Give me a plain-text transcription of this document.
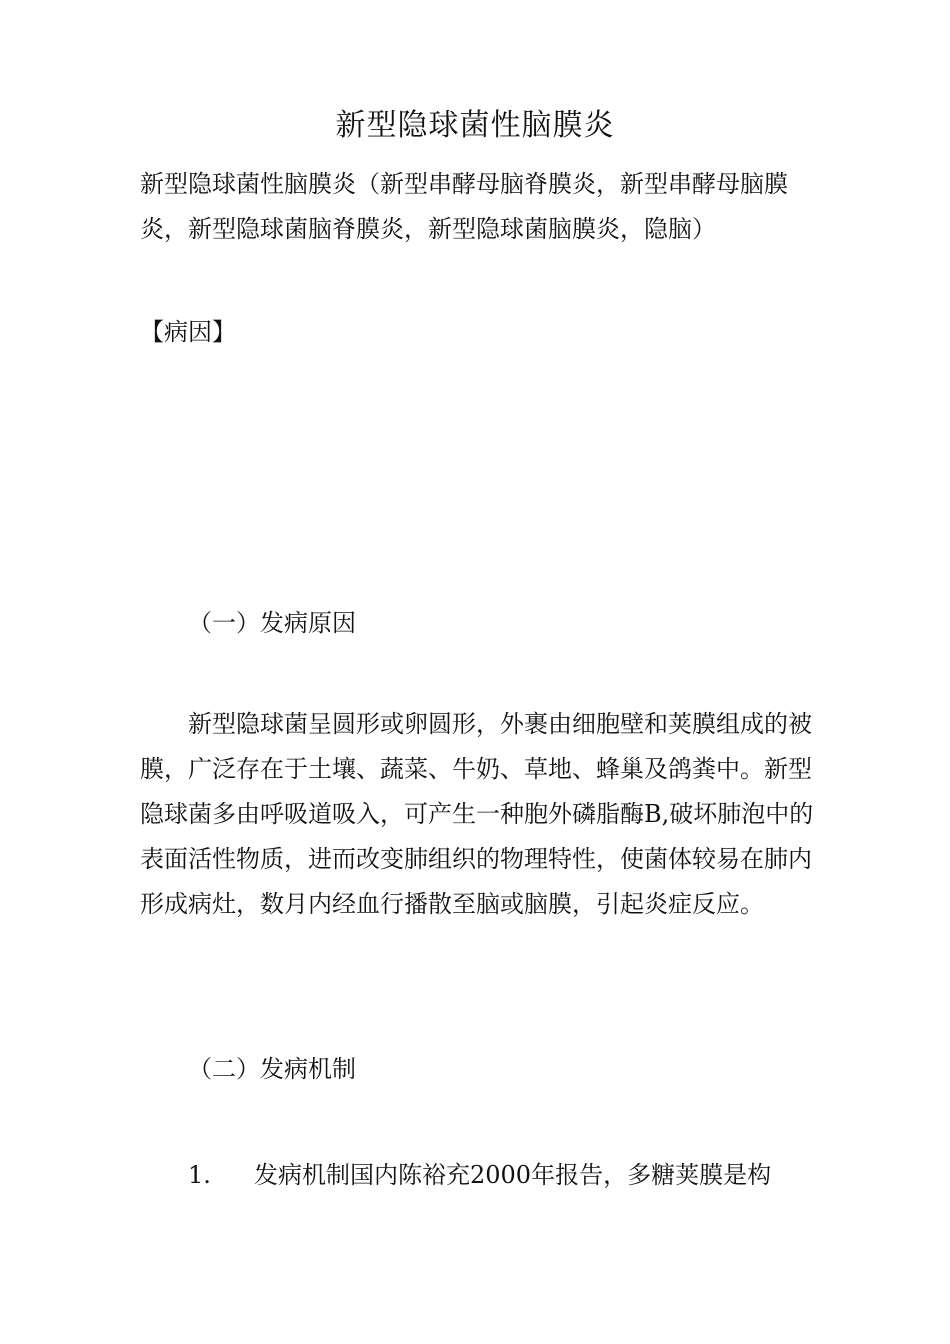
新型隐球菌性脑膜炎

新型隐球菌性脑膜炎（新型串酵母脑脊膜炎，新型串酵母脑膜炎，新型隐球菌脑脊膜炎，新型隐球菌脑膜炎，隐脑）

【病因】
（一）发病原因

新型隐球菌呈圆形或卵圆形，外裹由细胞壁和荚膜组成的被膜，广泛存在于土壤、蔬菜、牛奶、草地、蜂巢及鸽粪中。新型隐球菌多由呼吸道吸入，可产生一种胞外磷脂酶B,破坏肺泡中的表面活性物质，进而改变肺组织的物理特性，使菌体较易在肺内形成病灶，数月内经血行播散至脑或脑膜，引起炎症反应。

（二）发病机制

1. 发病机制国内陈裕充2000年报告，多糖荚膜是构
